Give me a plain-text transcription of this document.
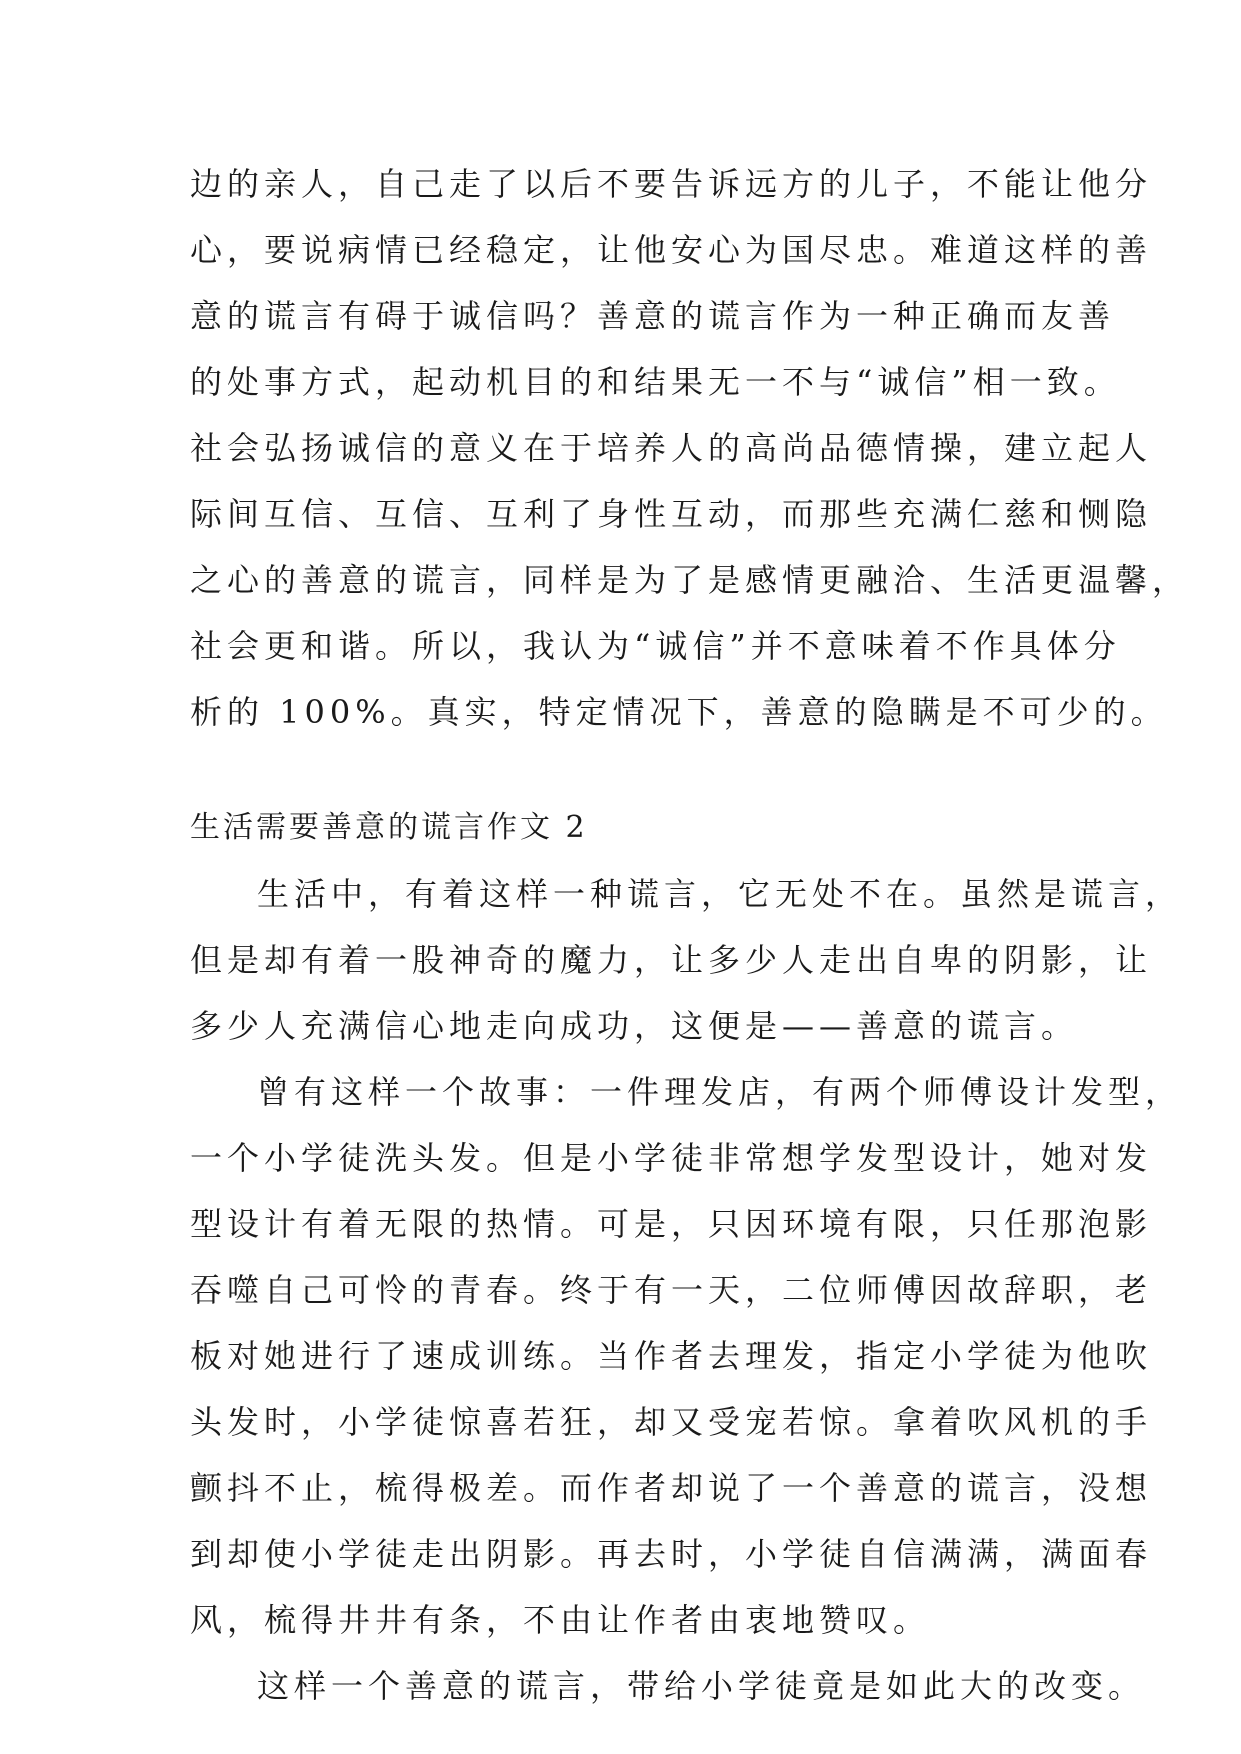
边的亲人，自己走了以后不要告诉远方的儿子，不能让他分
心，要说病情已经稳定，让他安心为国尽忠。难道这样的善
意的谎言有碍于诚信吗？善意的谎言作为一种正确而友善
的处事方式，起动机目的和结果无一不与“诚信”相一致。
社会弘扬诚信的意义在于培养人的高尚品德情操，建立起人
际间互信、互信、互利了身性互动，而那些充满仁慈和恻隐
之心的善意的谎言，同样是为了是感情更融洽、生活更温馨，
社会更和谐。所以，我认为“诚信”并不意味着不作具体分
析的 100%。真实，特定情况下，善意的隐瞒是不可少的。
生活需要善意的谎言作文 2
生活中，有着这样一种谎言，它无处不在。虽然是谎言，
但是却有着一股神奇的魔力，让多少人走出自卑的阴影，让
多少人充满信心地走向成功，这便是——善意的谎言。
曾有这样一个故事：一件理发店，有两个师傅设计发型，
一个小学徒洗头发。但是小学徒非常想学发型设计，她对发
型设计有着无限的热情。可是，只因环境有限，只任那泡影
吞噬自己可怜的青春。终于有一天，二位师傅因故辞职，老
板对她进行了速成训练。当作者去理发，指定小学徒为他吹
头发时，小学徒惊喜若狂，却又受宠若惊。拿着吹风机的手
颤抖不止，梳得极差。而作者却说了一个善意的谎言，没想
到却使小学徒走出阴影。再去时，小学徒自信满满，满面春
风，梳得井井有条，不由让作者由衷地赞叹。
这样一个善意的谎言，带给小学徒竟是如此大的改变。
